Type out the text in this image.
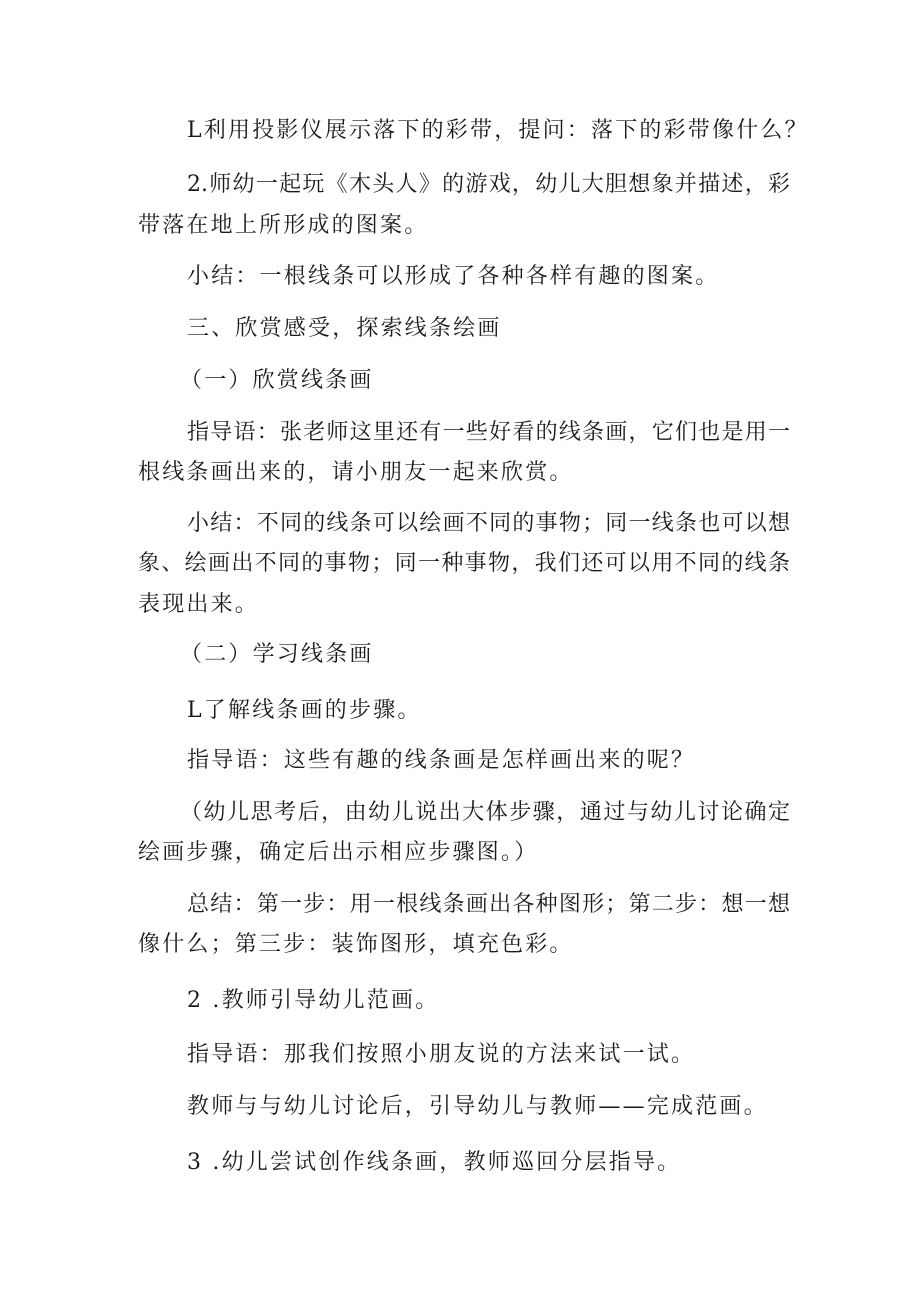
L利用投影仪展示落下的彩带，提问：落下的彩带像什么？
2.师幼一起玩《木头人》的游戏，幼儿大胆想象并描述，彩
带落在地上所形成的图案。
小结：一根线条可以形成了各种各样有趣的图案。
三、欣赏感受，探索线条绘画
（一）欣赏线条画
指导语：张老师这里还有一些好看的线条画，它们也是用一
根线条画出来的，请小朋友一起来欣赏。
小结：不同的线条可以绘画不同的事物；同一线条也可以想
象、绘画出不同的事物；同一种事物，我们还可以用不同的线条
表现出来。
（二）学习线条画
L了解线条画的步骤。
指导语：这些有趣的线条画是怎样画出来的呢？
（幼儿思考后，由幼儿说出大体步骤，通过与幼儿讨论确定
绘画步骤，确定后出示相应步骤图。）
总结：第一步：用一根线条画出各种图形；第二步：想一想
像什么；第三步：装饰图形，填充色彩。
2 .教师引导幼儿范画。
指导语：那我们按照小朋友说的方法来试一试。
教师与与幼儿讨论后，引导幼儿与教师——完成范画。
3 .幼儿尝试创作线条画，教师巡回分层指导。
